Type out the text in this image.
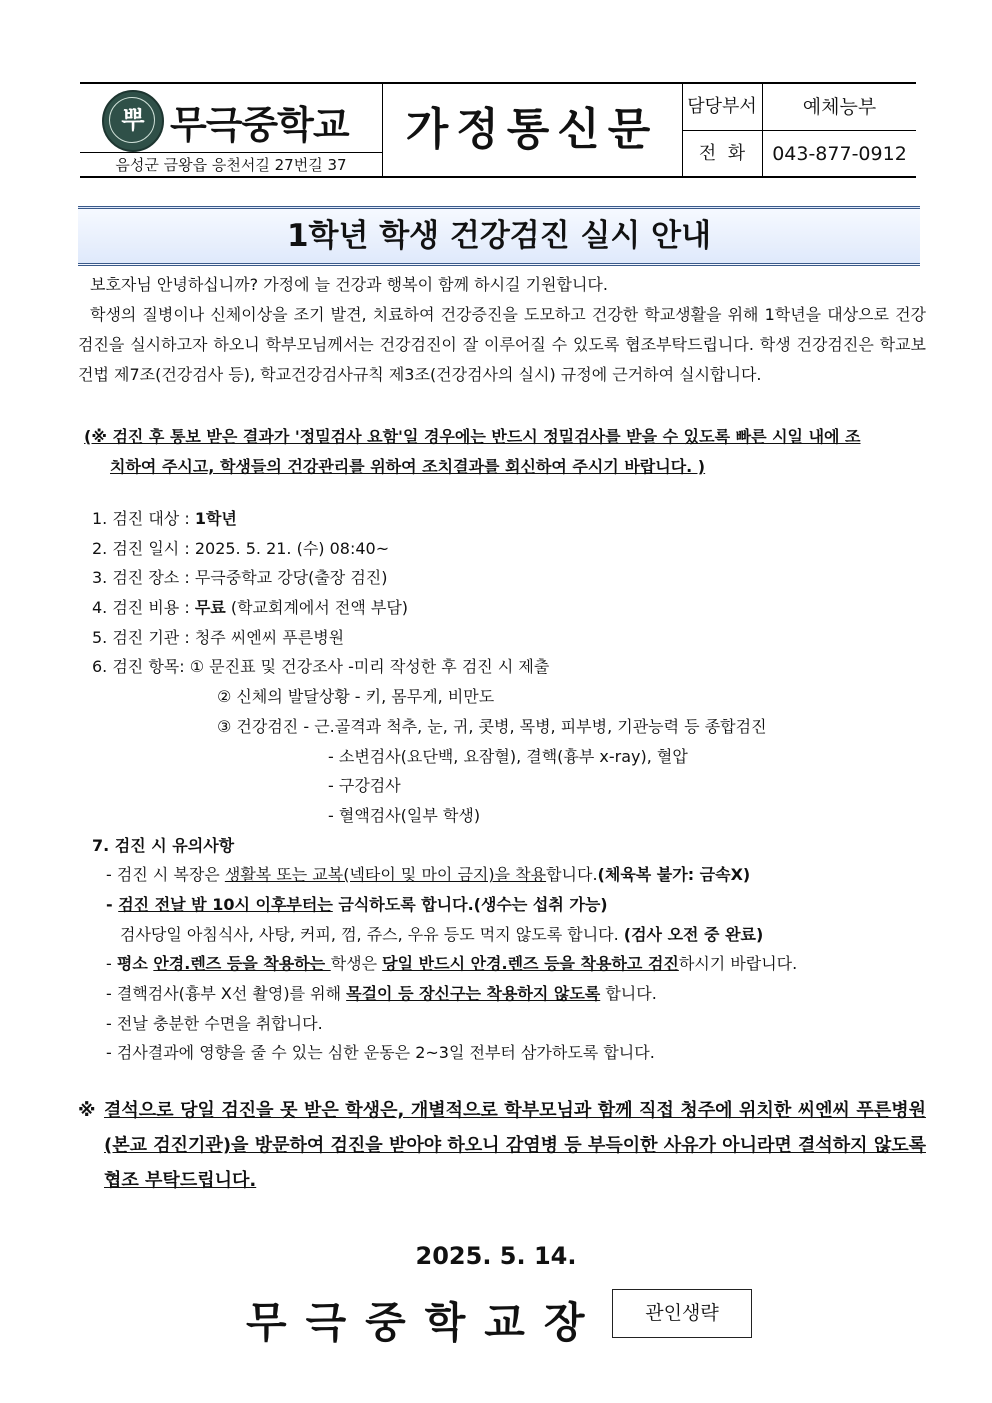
뿌 무극중학교
음성군 금왕읍 응천서길 27번길 37
가정통신문	담당부서	예체능부
전  화	043-877-0912
1학년 학생 건강검진 실시 안내

보호자님 안녕하십니까? 가정에 늘 건강과 행복이 함께 하시길 기원합니다.

학생의 질병이나 신체이상을 조기 발견, 치료하여 건강증진을 도모하고 건강한 학교생활을 위해 1학년을 대상으로 건강검진을 실시하고자 하오니 학부모님께서는 건강검진이 잘 이루어질 수 있도록 협조부탁드립니다. 학생 건강검진은 학교보건법 제7조(건강검사 등), 학교건강검사규칙 제3조(건강검사의 실시) 규정에 근거하여 실시합니다.

(※ 검진 후 통보 받은 결과가 '정밀검사 요함'일 경우에는 반드시 정밀검사를 받을 수 있도록 빠른 시일 내에 조
치하여 주시고, 학생들의 건강관리를 위하여 조치결과를 회신하여 주시기 바랍니다. )
1. 검진 대상 : 1학년
2. 검진 일시 : 2025. 5. 21. (수) 08:40~
3. 검진 장소 : 무극중학교 강당(출장 검진)
4. 검진 비용 : 무료 (학교회계에서 전액 부담)
5. 검진 기관 : 청주 씨엔씨 푸른병원
6. 검진 항목: ① 문진표 및 건강조사 -미리 작성한 후 검진 시 제출
② 신체의 발달상황 - 키, 몸무게, 비만도
③ 건강검진 - 근.골격과 척추, 눈, 귀, 콧병, 목병, 피부병, 기관능력 등 종합검진
- 소변검사(요단백, 요잠혈), 결핵(흉부 x-ray), 혈압
- 구강검사
- 혈액검사(일부 학생)
7. 검진 시 유의사항
- 검진 시 복장은 생활복 또는 교복(넥타이 및 마이 금지)을 착용합니다.(체육복 불가: 금속X)
- 검진 전날 밤 10시 이후부터는 금식하도록 합니다.(생수는 섭취 가능)
검사당일 아침식사, 사탕, 커피, 껌, 쥬스, 우유 등도 먹지 않도록 합니다. (검사 오전 중 완료)
- 평소 안경.렌즈 등을 착용하는 학생은 당일 반드시 안경.렌즈 등을 착용하고 검진하시기 바랍니다.
- 결핵검사(흉부 X선 촬영)를 위해 목걸이 등 장신구는 착용하지 않도록 합니다.
- 전날 충분한 수면을 취합니다.
- 검사결과에 영향을 줄 수 있는 심한 운동은 2~3일 전부터 삼가하도록 합니다.
※ 결석으로 당일 검진을 못 받은 학생은, 개별적으로 학부모님과 함께 직접 청주에 위치한 씨엔씨 푸른병원(본교 검진기관)을 방문하여 검진을 받아야 하오니 감염병 등 부득이한 사유가 아니라면 결석하지 않도록 협조 부탁드립니다.
2025. 5. 14.
무극중학교장	관인생략
